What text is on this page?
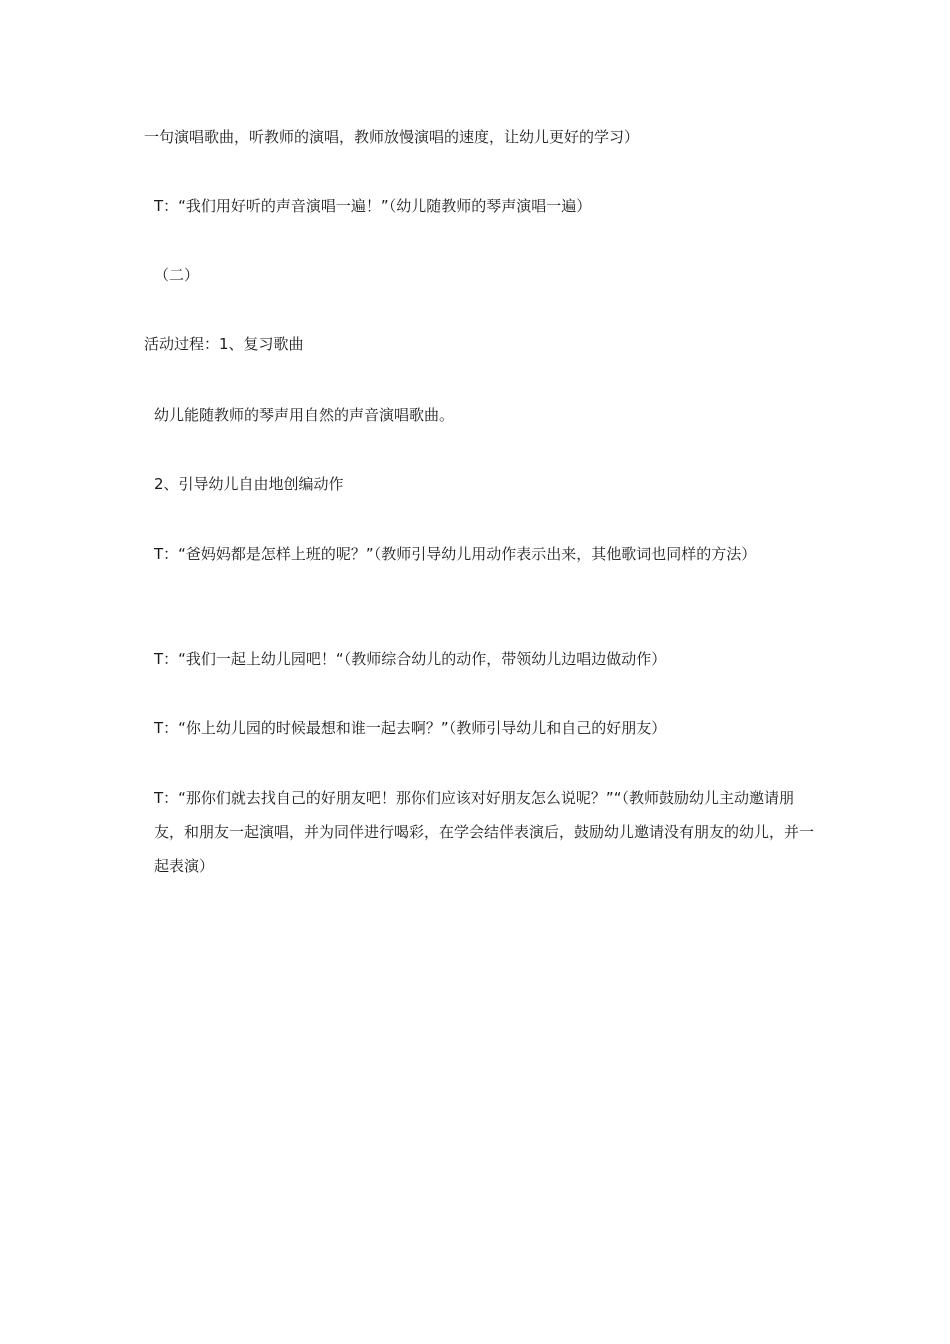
一句演唱歌曲，听教师的演唱，教师放慢演唱的速度，让幼儿更好的学习）

T：“我们用好听的声音演唱一遍！”（幼儿随教师的琴声演唱一遍）

（二）

活动过程：1、复习歌曲

幼儿能随教师的琴声用自然的声音演唱歌曲。

2、引导幼儿自由地创编动作

T：“爸妈妈都是怎样上班的呢？”（教师引导幼儿用动作表示出来，其他歌词也同样的方法）

T：“我们一起上幼儿园吧！“（教师综合幼儿的动作，带领幼儿边唱边做动作）

T：“你上幼儿园的时候最想和谁一起去啊？”（教师引导幼儿和自己的好朋友）

T：“那你们就去找自己的好朋友吧！那你们应该对好朋友怎么说呢？”“（教师鼓励幼儿主动邀请朋友，和朋友一起演唱，并为同伴进行喝彩，在学会结伴表演后，鼓励幼儿邀请没有朋友的幼儿，并一起表演）
